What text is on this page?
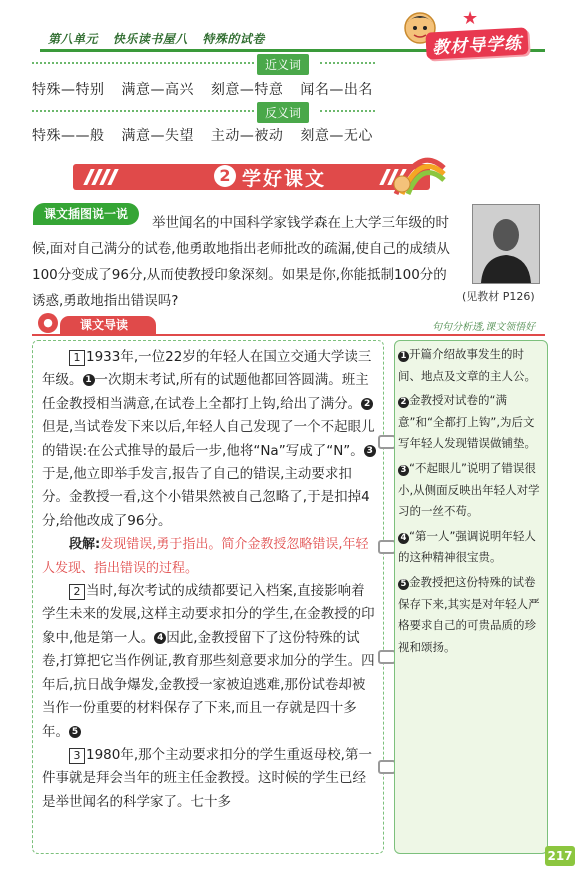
第八单元 快乐读书屋八 特殊的试卷
★
教材导学练
近义词
特殊—特别 满意—高兴 刻意—特意 闻名—出名
反义词
特殊——般 满意—失望 主动—被动 刻意—无心
2 学好课文
课文插图说一说
举世闻名的中国科学家钱学森在上大学三年级的时候,面对自己满分的试卷,他勇敢地指出老师批改的疏漏,使自己的成绩从100分变成了96分,从而使教授印象深刻。如果是你,你能抵制100分的诱惑,勇敢地指出错误吗?	(见教材 P126)
课文导读
●	句句分析透,课文领悟好

1 1933年,一位22岁的年轻人在国立交通大学读三年级。 1 一次期末考试,所有的试题他都回答圆满。班主任金教授相当满意,在试卷上全都打上钩,给出了满分。 2但是,当试卷发下来以后,年轻人自己发现了一个不起眼儿的错误:在公式推导的最后一步,他将“Na”写成了“N”。 3于是,他立即举手发言,报告了自己的错误,主动要求扣分。金教授一看,这个小错果然被自己忽略了,于是扣掉4分,给他改成了96分。

段解:发现错误,勇于指出。简介金教授忽略错误,年轻人发现、指出错误的过程。

2 当时,每次考试的成绩都要记入档案,直接影响着学生未来的发展,这样主动要求扣分的学生,在金教授的印象中,他是第一人。 4 因此,金教授留下了这份特殊的试卷,打算把它当作例证,教育那些刻意要求加分的学生。四年后,抗日战争爆发,金教授一家被迫逃难,那份试卷却被当作一份重要的材料保存了下来,而且一存就是四十多年。 5

3 1980年,那个主动要求扣分的学生重返母校,第一件事就是拜会当年的班主任金教授。这时候的学生已经是举世闻名的科学家了。七十多

1 开篇介绍故事发生的时间、地点及文章的主人公。

2 金教授对试卷的“满意”和“全都打上钩”,为后文写年轻人发现错误做铺垫。

3 “不起眼儿”说明了错误很小,从侧面反映出年轻人对学习的一丝不苟。

4 “第一人”强调说明年轻人的这种精神很宝贵。

5 金教授把这份特殊的试卷保存下来,其实是对年轻人严格要求自己的可贵品质的珍视和颂扬。

217
